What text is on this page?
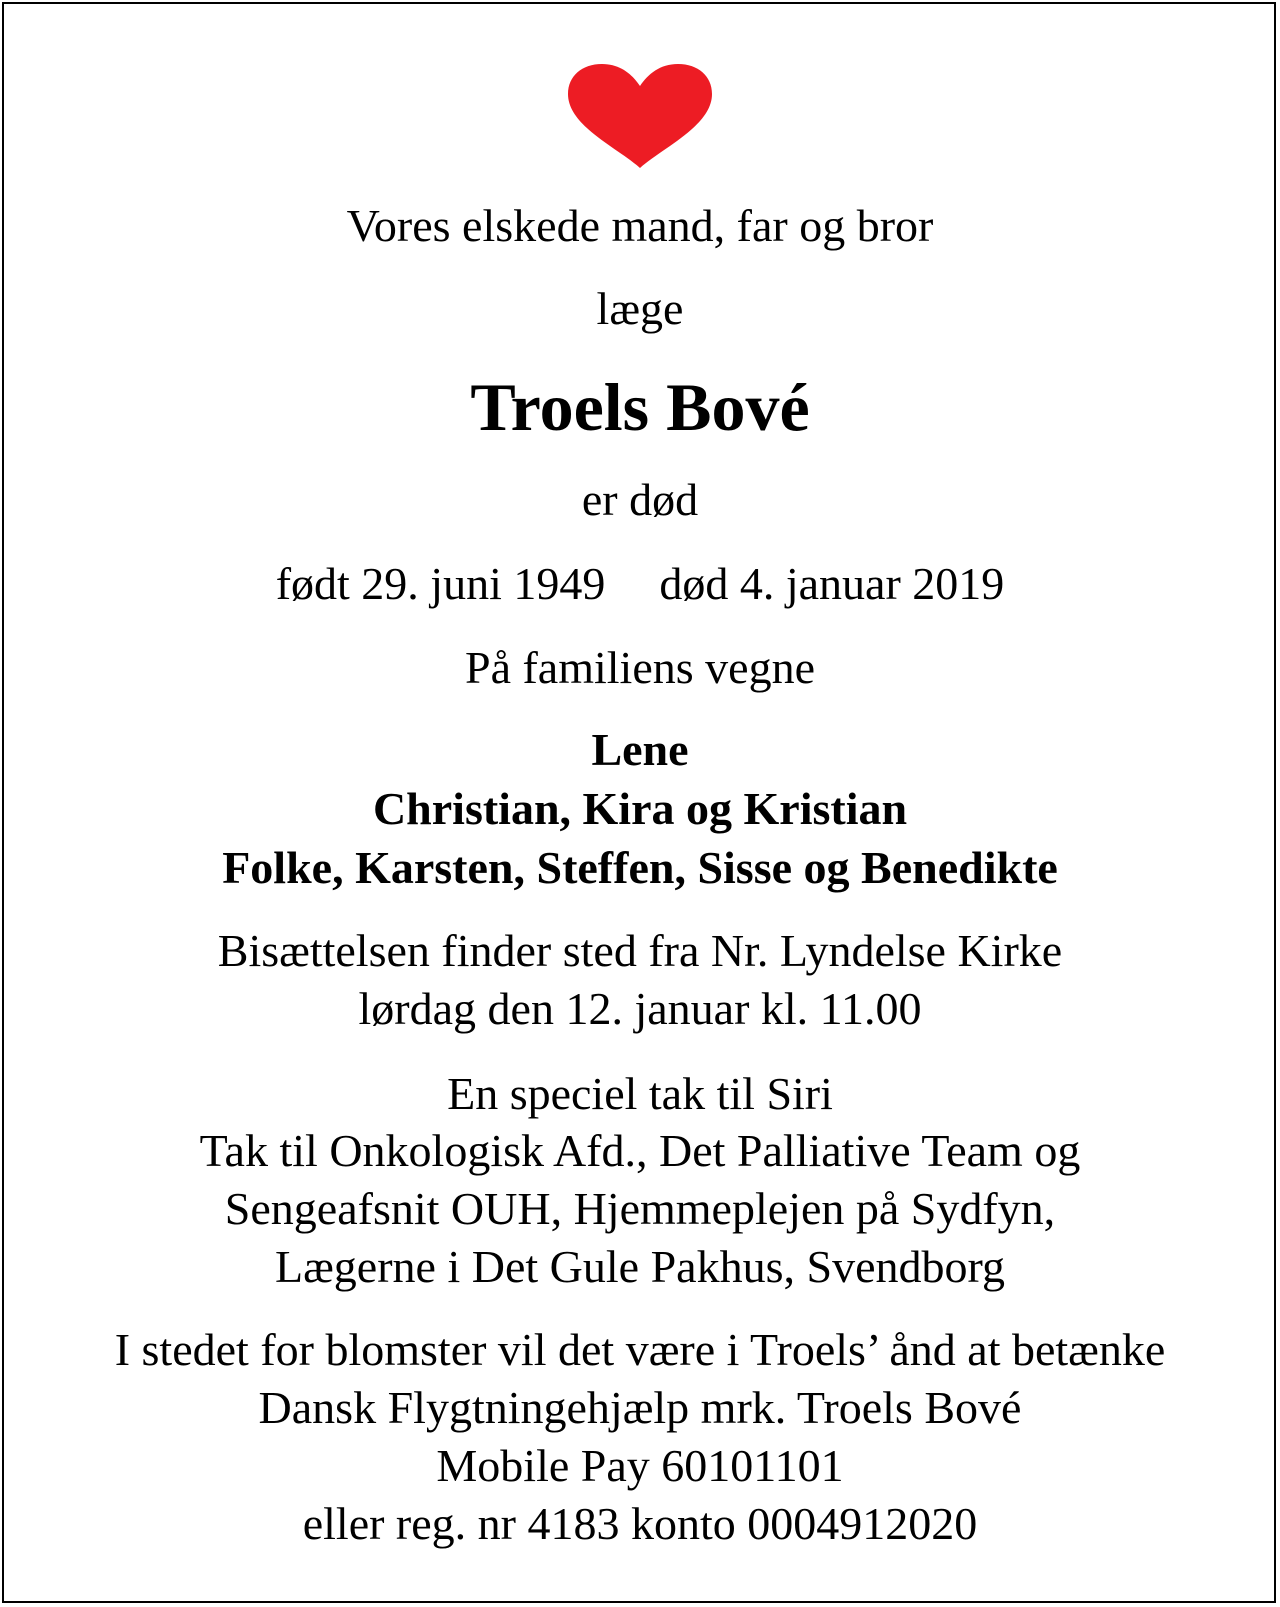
Vores elskede mand, far og bror
læge
Troels Bové
er død
født 29. juni 1949 død 4. januar 2019
På familiens vegne
Lene
Christian, Kira og Kristian
Folke, Karsten, Steffen, Sisse og Benedikte
Bisættelsen finder sted fra Nr. Lyndelse Kirke
lørdag den 12. januar kl. 11.00
En speciel tak til Siri
Tak til Onkologisk Afd., Det Palliative Team og
Sengeafsnit OUH, Hjemmeplejen på Sydfyn,
Lægerne i Det Gule Pakhus, Svendborg
I stedet for blomster vil det være i Troels’ ånd at betænke
Dansk Flygtningehjælp mrk. Troels Bové
Mobile Pay 60101101
eller reg. nr 4183 konto 0004912020
